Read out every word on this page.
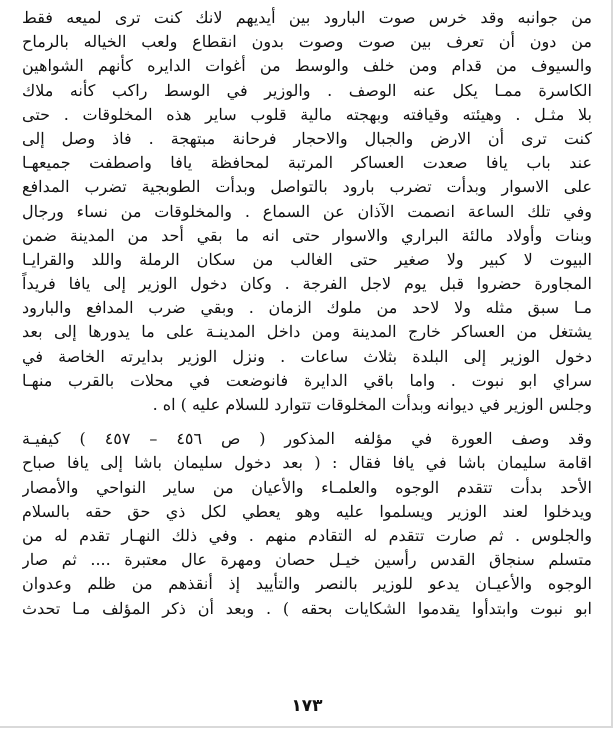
من جوانبه وقد خرس صوت البارود بين أيديهم لانك كنت ترى لميعه فقط
من دون أن تعرف بين صوت وصوت بدون انقطاع ولعب الخياله بالرماح
والسيوف من قدام ومن خلف والوسط من أغوات الدايره كأنهم الشواهين
الكاسرة ممـا يكل عنه الوصف . والوزير في الوسط راكب كأنه ملاك
بلا مثـل . وهيئته وقيافته وبهجته مالية قلوب ساير هذه المخلوقات . حتى
كنت ترى أن الارض والجبال والاحجار فرحانة مبتهجة . فاذ وصل إلى
عند باب يافا صعدت العساكر المرتبة لمحافظة يافا واصطفت جميعهـا
على الاسوار وبدأت تضرب بارود بالتواصل وبدأت الطوبجية تضرب المدافع
وفي تلك الساعة انصمت الآذان عن السماع . والمخلوقات من نساء ورجال
وبنات وأولاد مالئة البراري والاسوار حتى انه ما بقي أحد من المدينة ضمن
البيوت لا كبير ولا صغير حتى الغالب من سكان الرملة واللد والقرايـا
المجاورة حضروا قبل يوم لاجل الفرجة . وكان دخول الوزير إلى يافا فريداً
مـا سبق مثله ولا لاحد من ملوك الزمان . وبقي ضرب المدافع والبارود
يشتغل من العساكر خارج المدينة ومن داخل المدينـة على ما يدورها إلى بعد
دخول الوزير إلى البلدة بثلاث ساعات . ونزل الوزير بدايرته الخاصة في
سراي ابو نبوت . واما باقي الدايرة فانوضعت في محلات بالقرب منهـا
وجلس الوزير في ديوانه وبدأت المخلوقات تتوارد للسلام عليه ) اه .
وقد وصف العورة في مؤلفه المذكور ( ص ٤٥٦ – ٤٥٧ ) كيفيـة
اقامة سليمان باشا في يافا فقال : ( بعد دخول سليمان باشا إلى يافا صباح
الأحد بدأت تتقدم الوجوه والعلمـاء والأعيان من ساير النواحي والأمصار
ويدخلوا لعند الوزير ويسلموا عليه وهو يعطي لكل ذي حق حقه بالسلام
والجلوس . ثم صارت تتقدم له التقادم منهم . وفي ذلك النهـار تقدم له من
متسلم سنجاق القدس رأسين خيـل حصان ومهرة عال معتبرة .... ثم صار
الوجوه والأعيـان يدعو للوزير بالنصر والتأييد إذ أنقذهم من ظلم وعدوان
ابو نبوت وابتدأوا يقدموا الشكايات بحقه ) . وبعد أن ذكر المؤلف مـا تحدث
١٧٣
